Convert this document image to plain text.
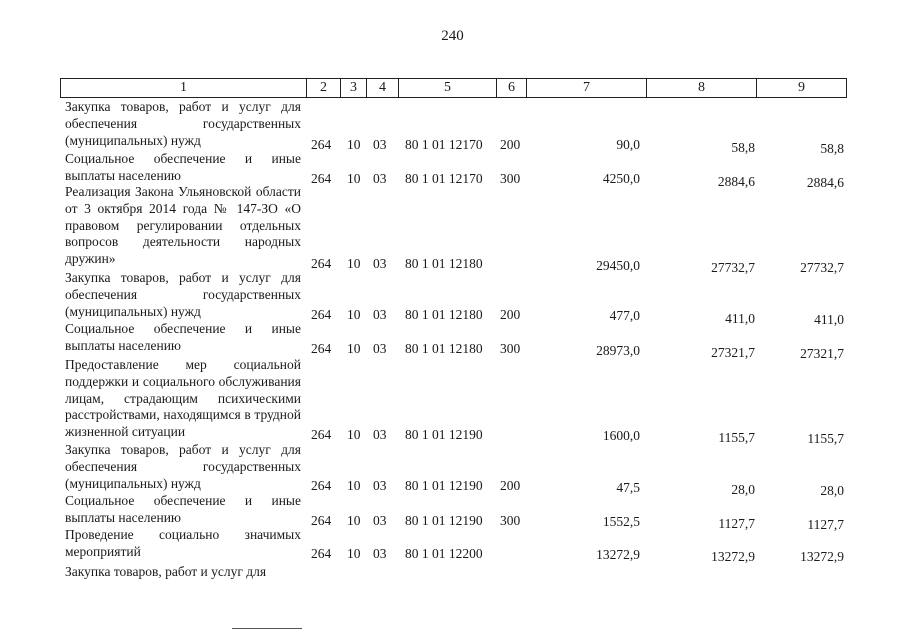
240
1	2	3	4	5	6	7	8	9
Закупка товаров, работ и услуг для обеспечения государственных (муниципальных) нужд	264 10 03 80 1 01 12170 200	90,0	58,8	58,8
Социальное обеспечение и иные выплаты населению	264 10 03 80 1 01 12170 300	4250,0	2884,6	2884,6
Реализация Закона Ульяновской области от 3 октября 2014 года № 147-ЗО «О правовом регулировании отдельных вопросов деятельности народных дружин»	264 10 03 80 1 01 12180	29450,0	27732,7	27732,7
Закупка товаров, работ и услуг для обеспечения государственных (муниципальных) нужд	264 10 03 80 1 01 12180 200	477,0	411,0	411,0
Социальное обеспечение и иные выплаты населению	264 10 03 80 1 01 12180 300	28973,0	27321,7	27321,7
Предоставление мер социальной поддержки и социального обслуживания лицам, страдающим психическими расстройствами, находящимся в трудной жизненной ситуации	264 10 03 80 1 01 12190	1600,0	1155,7	1155,7
Закупка товаров, работ и услуг для обеспечения государственных (муниципальных) нужд	264 10 03 80 1 01 12190 200	47,5	28,0	28,0
Социальное обеспечение и иные выплаты населению	264 10 03 80 1 01 12190 300	1552,5	1127,7	1127,7
Проведение социально значимых мероприятий	264 10 03 80 1 01 12200	13272,9	13272,9	13272,9
Закупка товаров, работ и услуг для
